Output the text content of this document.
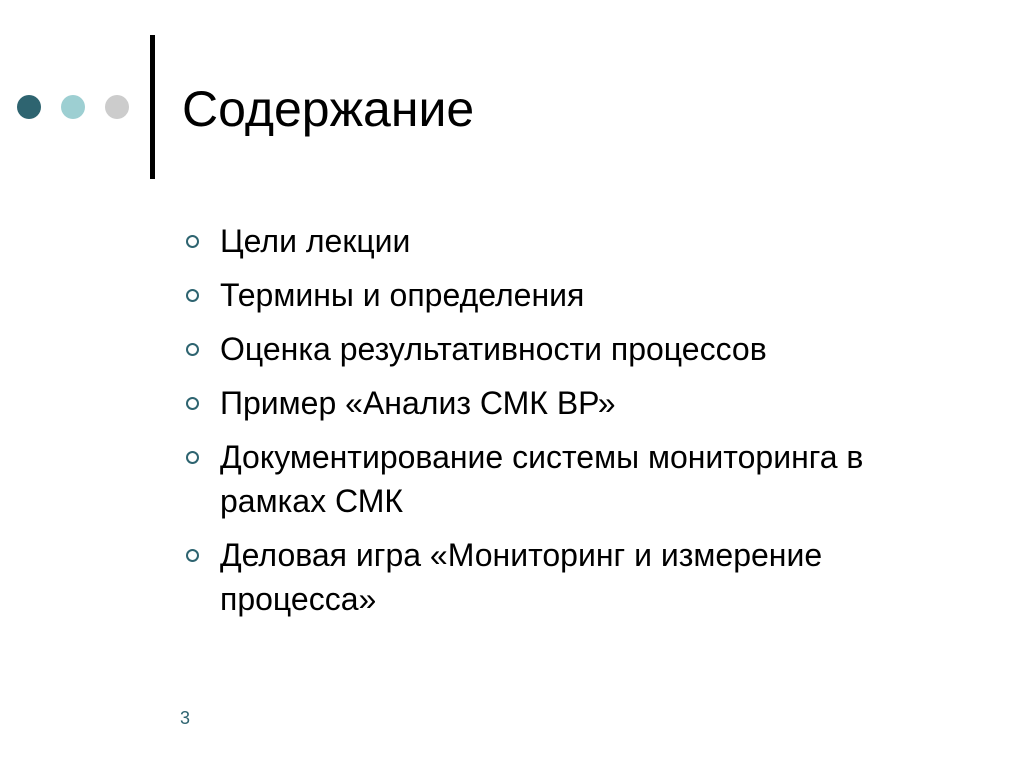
Содержание
Цели лекции
Термины и определения
Оценка результативности процессов
Пример «Анализ СМК ВР»
Документирование системы мониторинга в рамках СМК
Деловая игра «Мониторинг и измерение процесса»
3
